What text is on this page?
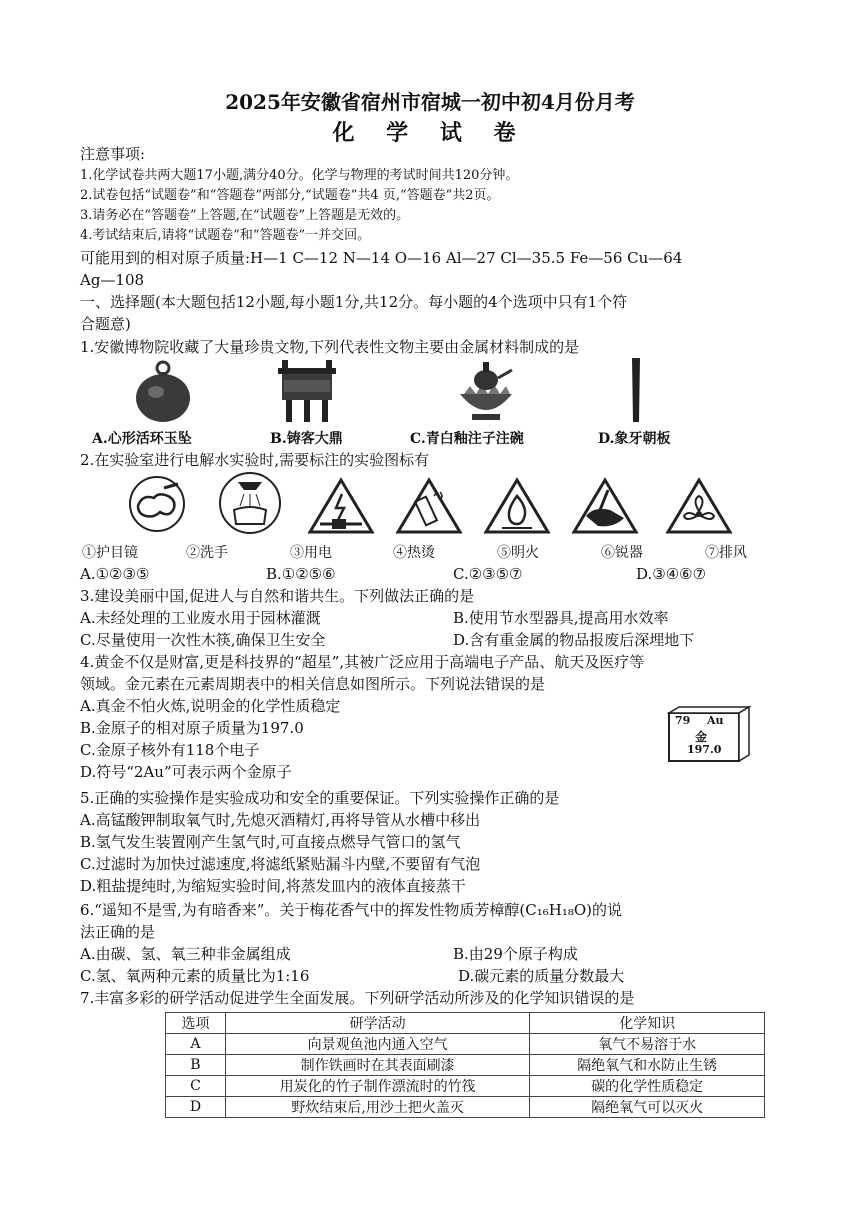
2025年安徽省宿州市宿城一初中初4月份月考
化 学 试 卷
注意事项:
1.化学试卷共两大题17小题,满分40分。化学与物理的考试时间共120分钟。
2.试卷包括“试题卷”和“答题卷”两部分,“试题卷”共4 页,“答题卷”共2页。
3.请务必在“答题卷”上答题,在“试题卷”上答题是无效的。
4.考试结束后,请将“试题卷”和“答题卷”一并交回。
可能用到的相对原子质量:H—1 C—12 N—14 O—16 Al—27 Cl—35.5 Fe—56 Cu—64
Ag—108
一、选择题(本大题包括12小题,每小题1分,共12分。每小题的4个选项中只有1个符
合题意)
1.安徽博物院收藏了大量珍贵文物,下列代表性文物主要由金属材料制成的是
A.心形活环玉坠	B.铸客大鼎	C.青白釉注子注碗	D.象牙朝板
2.在实验室进行电解水实验时,需要标注的实验图标有
①护目镜	②洗手	③用电	④热烫	⑤明火	⑥锐器	⑦排风
A.①②③⑤	B.①②⑤⑥	C.②③⑤⑦	D.③④⑥⑦
3.建设美丽中国,促进人与自然和谐共生。下列做法正确的是
A.未经处理的工业废水用于园林灌溉	B.使用节水型器具,提高用水效率
C.尽量使用一次性木筷,确保卫生安全	D.含有重金属的物品报废后深埋地下
4.黄金不仅是财富,更是科技界的“超星”,其被广泛应用于高端电子产品、航天及医疗等
领域。金元素在元素周期表中的相关信息如图所示。下列说法错误的是
A.真金不怕火炼,说明金的化学性质稳定
B.金原子的相对原子质量为197.0
C.金原子核外有118个电子
D.符号“2Au”可表示两个金原子
79 Au
金
197.0
5.正确的实验操作是实验成功和安全的重要保证。下列实验操作正确的是
A.高锰酸钾制取氧气时,先熄灭酒精灯,再将导管从水槽中移出
B.氢气发生装置刚产生氢气时,可直接点燃导气管口的氢气
C.过滤时为加快过滤速度,将滤纸紧贴漏斗内壁,不要留有气泡
D.粗盐提纯时,为缩短实验时间,将蒸发皿内的液体直接蒸干
6.“遥知不是雪,为有暗香来”。关于梅花香气中的挥发性物质芳樟醇(C₁₆H₁₈O)的说
法正确的是
A.由碳、氢、氧三种非金属组成	B.由29个原子构成
C.氢、氧两种元素的质量比为1:16	D.碳元素的质量分数最大
7.丰富多彩的研学活动促进学生全面发展。下列研学活动所涉及的化学知识错误的是
选项	研学活动	化学知识
A	向景观鱼池内通入空气	氧气不易溶于水
B	制作铁画时在其表面刷漆	隔绝氧气和水防止生锈
C	用炭化的竹子制作漂流时的竹筏	碳的化学性质稳定
D	野炊结束后,用沙土把火盖灭	隔绝氧气可以灭火
